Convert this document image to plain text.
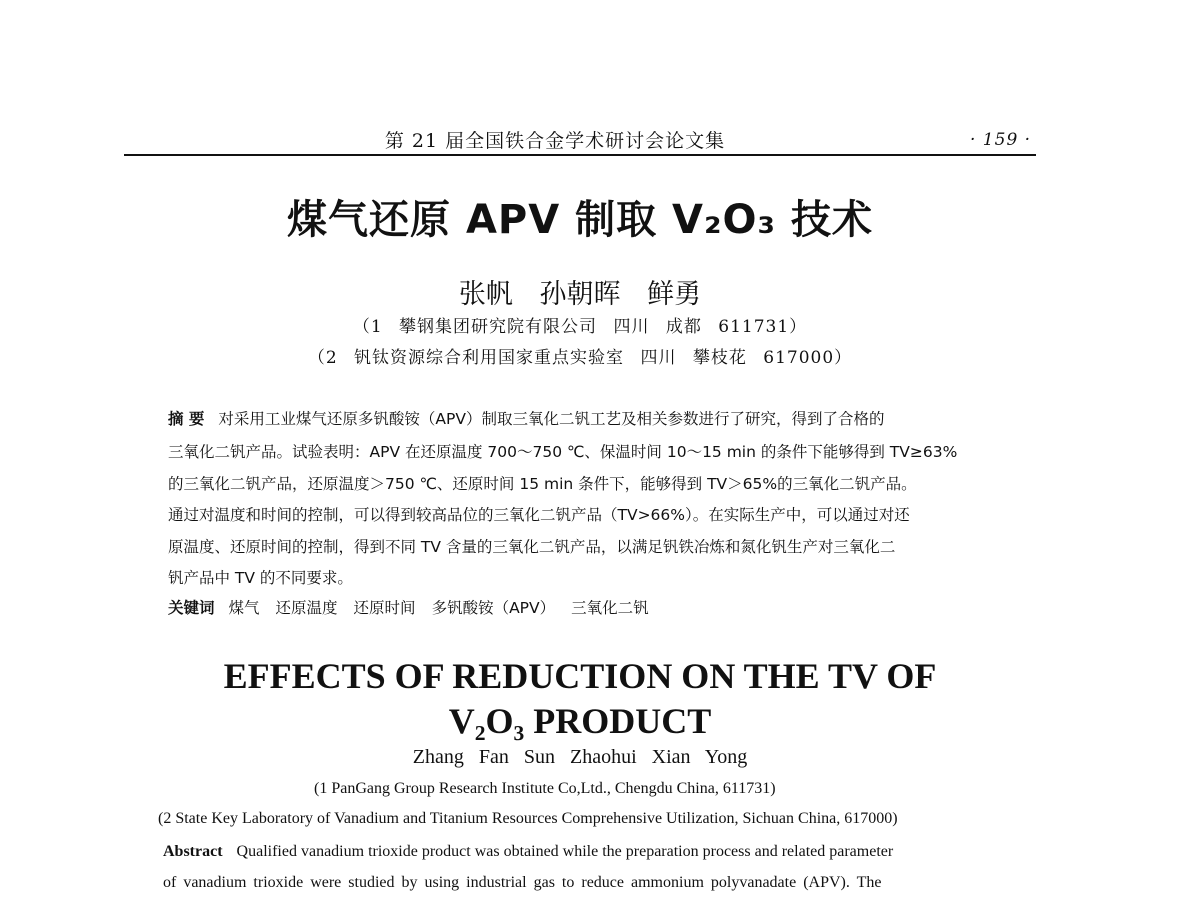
第 21 届全国铁合金学术研讨会论文集	· 159 ·
煤气还原 APV 制取 V₂O₃ 技术
张帆 孙朝晖 鲜勇
（1 攀钢集团研究院有限公司 四川 成都 611731）
（2 钒钛资源综合利用国家重点实验室 四川 攀枝花 617000）
摘 要 对采用工业煤气还原多钒酸铵（APV）制取三氧化二钒工艺及相关参数进行了研究，得到了合格的
三氧化二钒产品。试验表明：APV 在还原温度 700～750 ℃、保温时间 10～15 min 的条件下能够得到 TV≥63%
的三氧化二钒产品，还原温度＞750 ℃、还原时间 15 min 条件下，能够得到 TV＞65%的三氧化二钒产品。
通过对温度和时间的控制，可以得到较高品位的三氧化二钒产品（TV>66%）。在实际生产中，可以通过对还
原温度、还原时间的控制，得到不同 TV 含量的三氧化二钒产品，以满足钒铁冶炼和氮化钒生产对三氧化二
钒产品中 TV 的不同要求。
关键词 煤气 还原温度 还原时间 多钒酸铵（APV） 三氧化二钒
EFFECTS OF REDUCTION ON THE TV OF
V₂O₃ PRODUCT
Zhang Fan Sun Zhaohui Xian Yong
(1 PanGang Group Research Institute Co,Ltd., Chengdu China, 611731)
(2 State Key Laboratory of Vanadium and Titanium Resources Comprehensive Utilization, Sichuan China, 617000)
Abstract Qualified vanadium trioxide product was obtained while the preparation process and related parameter
of vanadium trioxide were studied by using industrial gas to reduce ammonium polyvanadate (APV). The
